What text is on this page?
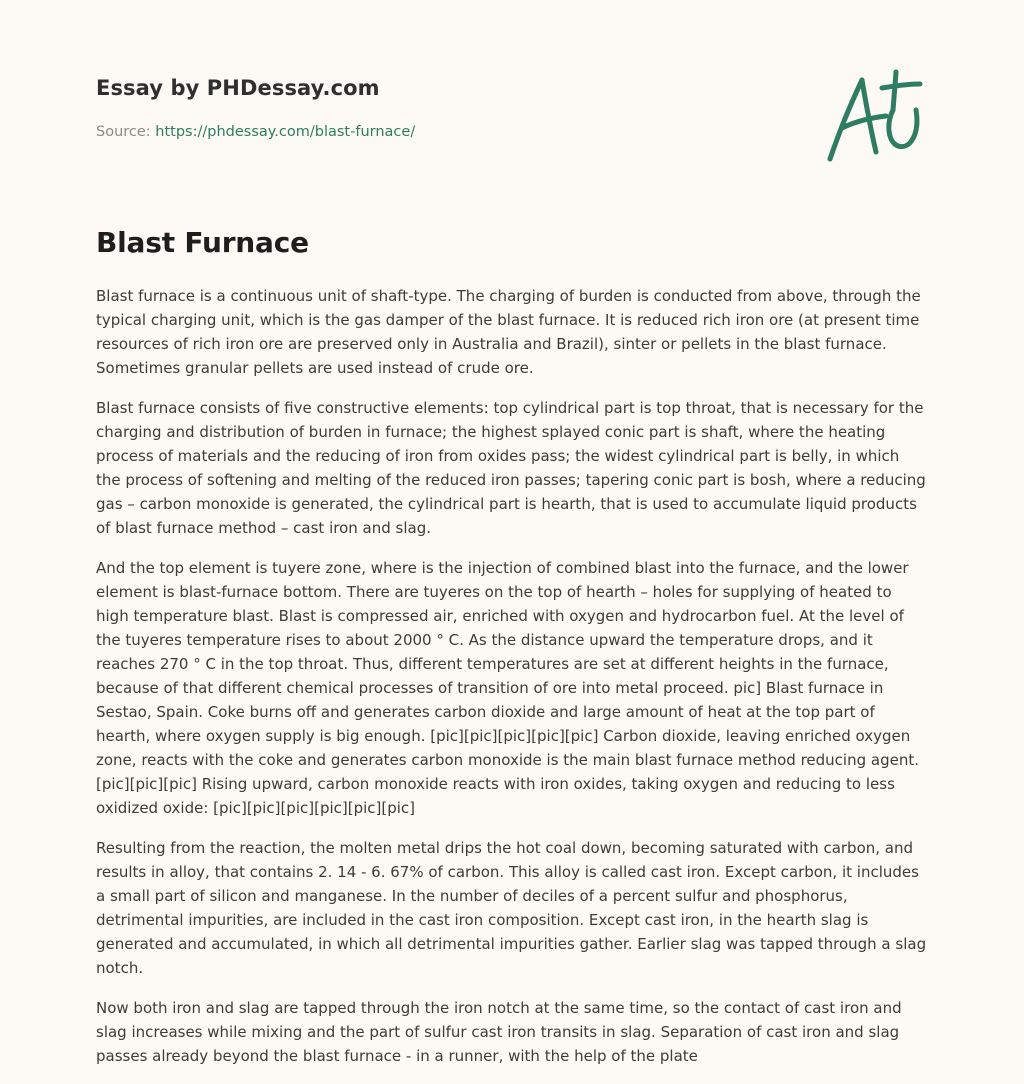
Essay by PHDessay.com

Source: https://phdessay.com/blast-furnace/

Blast Furnace

Blast furnace is a continuous unit of shaft-type. The charging of burden is conducted from above, through the typical charging unit, which is the gas damper of the blast furnace. It is reduced rich iron ore (at present time resources of rich iron ore are preserved only in Australia and Brazil), sinter or pellets in the blast furnace. Sometimes granular pellets are used instead of crude ore.

Blast furnace consists of five constructive elements: top cylindrical part is top throat, that is necessary for the charging and distribution of burden in furnace; the highest splayed conic part is shaft, where the heating process of materials and the reducing of iron from oxides pass; the widest cylindrical part is belly, in which the process of softening and melting of the reduced iron passes; tapering conic part is bosh, where a reducing gas – carbon monoxide is generated, the cylindrical part is hearth, that is used to accumulate liquid products of blast furnace method – cast iron and slag.

And the top element is tuyere zone, where is the injection of combined blast into the furnace, and the lower element is blast-furnace bottom. There are tuyeres on the top of hearth – holes for supplying of heated to high temperature blast. Blast is compressed air, enriched with oxygen and hydrocarbon fuel. At the level of the tuyeres temperature rises to about 2000 ° C. As the distance upward the temperature drops, and it reaches 270 ° C in the top throat. Thus, different temperatures are set at different heights in the furnace, because of that different chemical processes of transition of ore into metal proceed. pic] Blast furnace in Sestao, Spain. Coke burns off and generates carbon dioxide and large amount of heat at the top part of hearth, where oxygen supply is big enough. [pic][pic][pic][pic][pic] Carbon dioxide, leaving enriched oxygen zone, reacts with the coke and generates carbon monoxide is the main blast furnace method reducing agent. [pic][pic][pic] Rising upward, carbon monoxide reacts with iron oxides, taking oxygen and reducing to less oxidized oxide: [pic][pic][pic][pic][pic][pic]

Resulting from the reaction, the molten metal drips the hot coal down, becoming saturated with carbon, and results in alloy, that contains 2. 14 - 6. 67% of carbon. This alloy is called cast iron. Except carbon, it includes a small part of silicon and manganese. In the number of deciles of a percent sulfur and phosphorus, detrimental impurities, are included in the cast iron composition. Except cast iron, in the hearth slag is generated and accumulated, in which all detrimental impurities gather. Earlier slag was tapped through a slag notch.

Now both iron and slag are tapped through the iron notch at the same time, so the contact of cast iron and slag increases while mixing and the part of sulfur cast iron transits in slag. Separation of cast iron and slag passes already beyond the blast furnace - in a runner, with the help of the plate
